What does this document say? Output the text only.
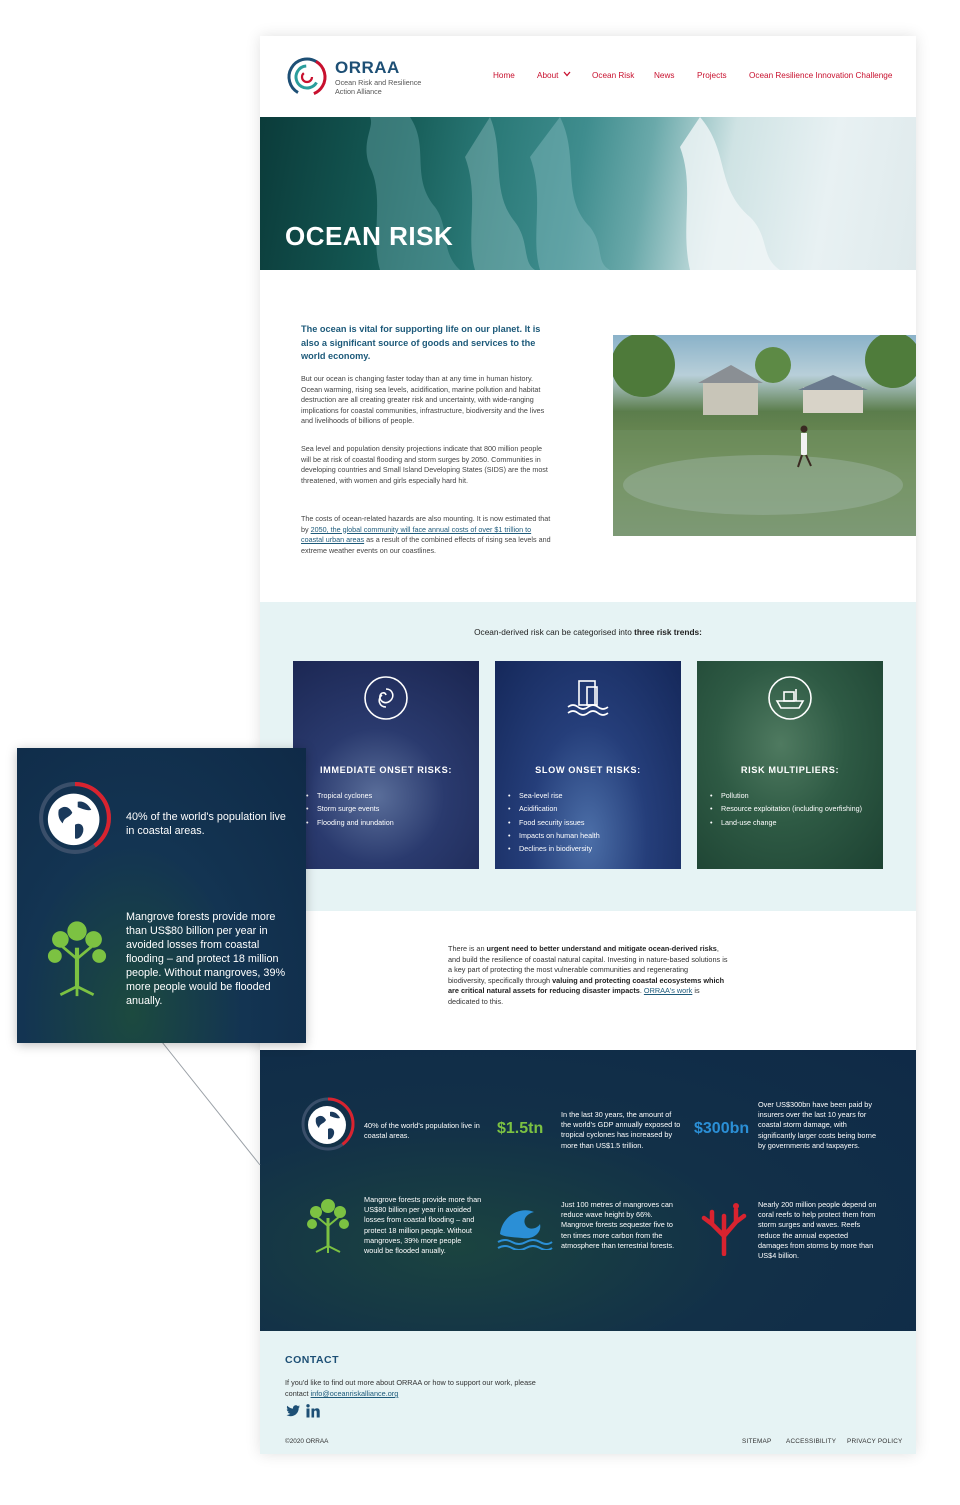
ORRAA
Ocean Risk and Resilience Action Alliance
Home	About	Ocean Risk News	Projects	Ocean Resilience Innovation Challenge
OCEAN RISK
The ocean is vital for supporting life on our planet. It is also a significant source of goods and services to the world economy.
But our ocean is changing faster today than at any time in human history. Ocean warming, rising sea levels, acidification, marine pollution and habitat destruction are all creating greater risk and uncertainty, with wide-ranging implications for coastal communities, infrastructure, biodiversity and the lives and livelihoods of billions of people.
Sea level and population density projections indicate that 800 million people will be at risk of coastal flooding and storm surges by 2050. Communities in developing countries and Small Island Developing States (SIDS) are the most threatened, with women and girls especially hard hit.
The costs of ocean-related hazards are also mounting. It is now estimated that by 2050, the global community will face annual costs of over $1 trillion to coastal urban areas as a result of the combined effects of rising sea levels and extreme weather events on our coastlines.
Ocean-derived risk can be categorised into three risk trends:
IMMEDIATE ONSET RISKS:
• Tropical cyclones
• Storm surge events
• Flooding and inundation
SLOW ONSET RISKS:
• Sea-level rise
• Acidification
• Food security issues
• Impacts on human health
• Declines in biodiversity
RISK MULTIPLIERS:
• Pollution
• Resource exploitation (including overfishing)
• Land-use change
There is an urgent need to better understand and mitigate ocean-derived risks, and build the resilience of coastal natural capital. Investing in nature-based solutions is a key part of protecting the most vulnerable communities and regenerating biodiversity, specifically through valuing and protecting coastal ecosystems which are critical natural assets for reducing disaster impacts. ORRAA's work is dedicated to this.
40% of the world's population live in coastal areas.	$1.5tn
In the last 30 years, the amount of the world's GDP annually exposed to tropical cyclones has increased by more than US$1.5 trillion.
$300bn
Over US$300bn have been paid by insurers over the last 10 years for coastal storm damage, with significantly larger costs being borne by governments and taxpayers.
Mangrove forests provide more than US$80 billion per year in avoided losses from coastal flooding – and protect 18 million people. Without mangroves, 39% more people would be flooded anually.
Just 100 metres of mangroves can reduce wave height by 66%. Mangrove forests sequester five to ten times more carbon from the atmosphere than terrestrial forests.
Nearly 200 million people depend on coral reefs to help protect them from storm surges and waves. Reefs reduce the annual expected damages from storms by more than US$4 billion.
CONTACT
If you'd like to find out more about ORRAA or how to support our work, please contact info@oceanriskalliance.org
©2020 ORRAA	SITEMAP ACCESSIBILITY PRIVACY POLICY
40% of the world's population live in coastal areas.
Mangrove forests provide more than US$80 billion per year in avoided losses from coastal flooding – and protect 18 million people. Without mangroves, 39% more people would be flooded anually.
